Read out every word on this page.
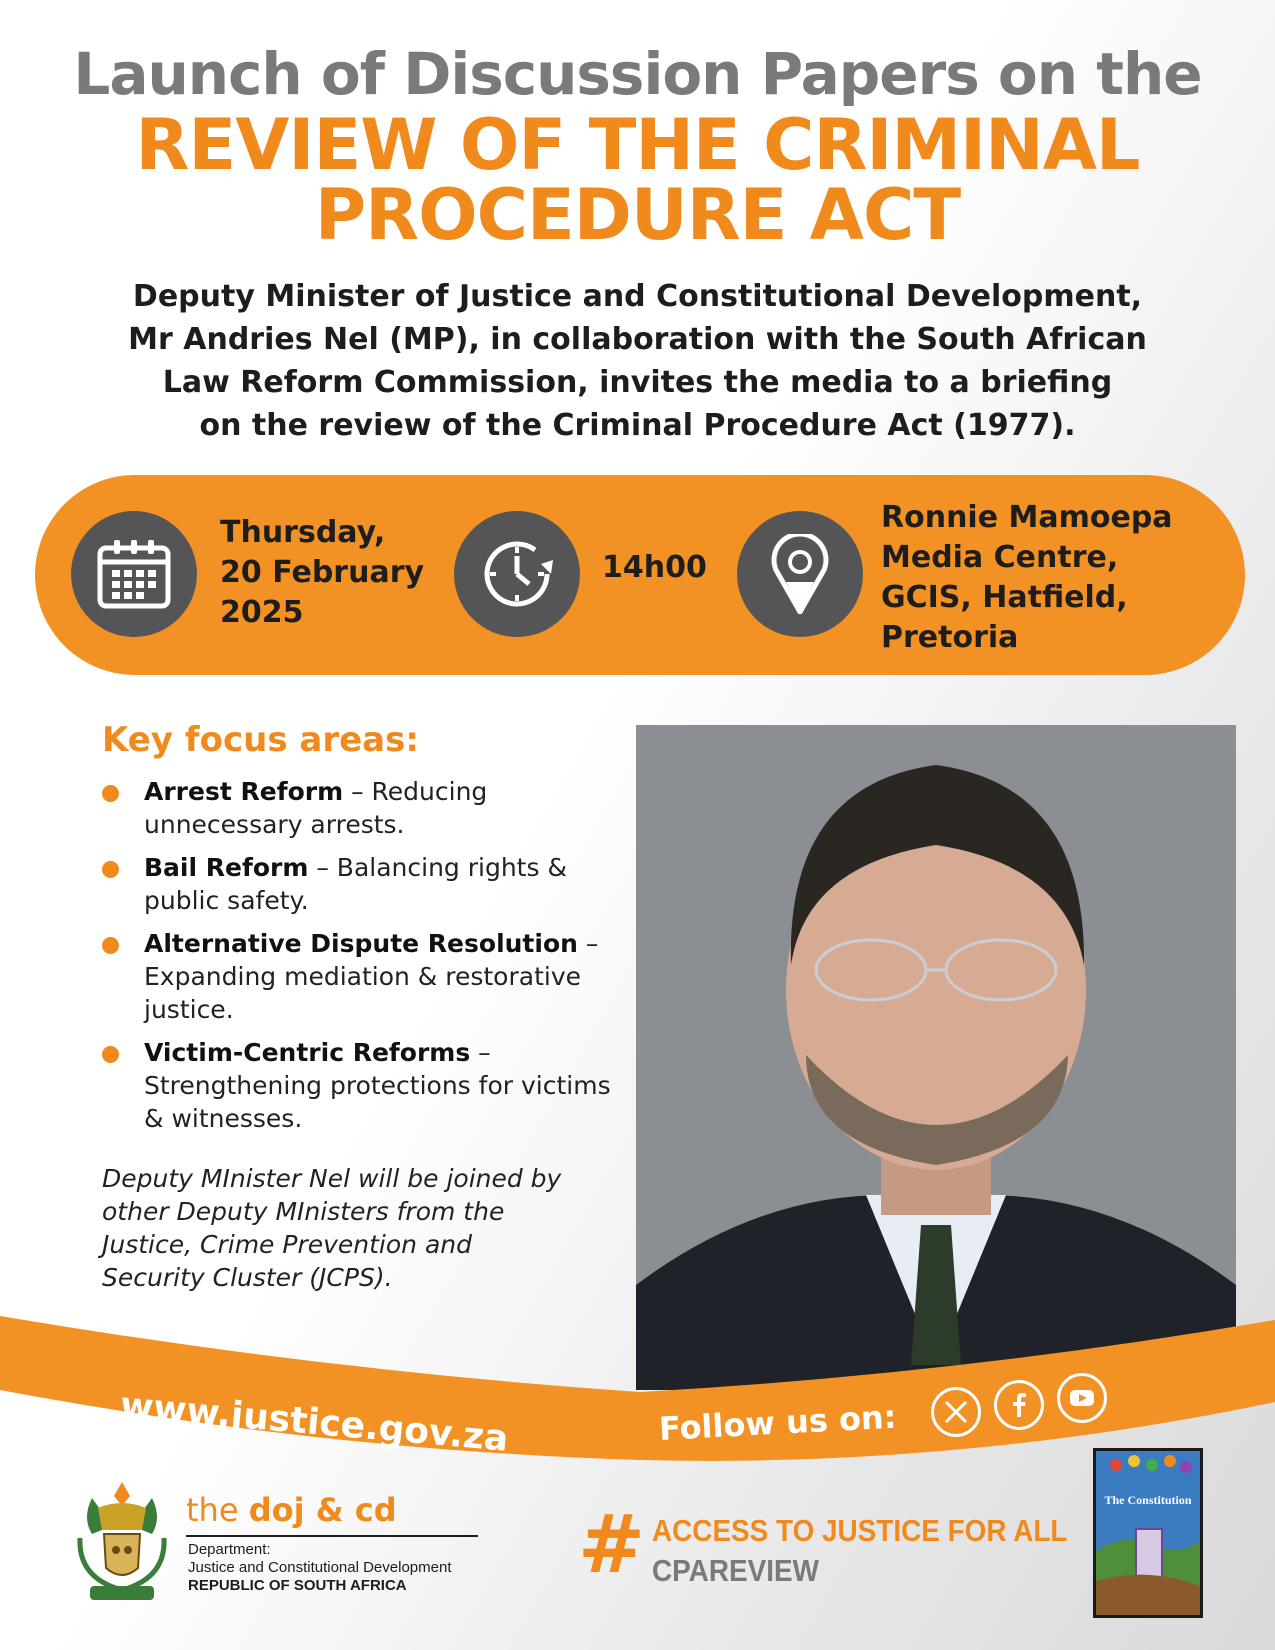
Launch of Discussion Papers on the
REVIEW OF THE CRIMINAL
PROCEDURE ACT
Deputy Minister of Justice and Constitutional Development,
Mr Andries Nel (MP), in collaboration with the South African
Law Reform Commission, invites the media to a briefing
on the review of the Criminal Procedure Act (1977).
Thursday,
20 February
2025
14h00
Ronnie Mamoepa
Media Centre,
GCIS, Hatfield,
Pretoria
Key focus areas:
Arrest Reform – Reducing unnecessary arrests.
Bail Reform – Balancing rights & public safety.
Alternative Dispute Resolution – Expanding mediation & restorative justice.
Victim-Centric Reforms – Strengthening protections for victims & witnesses.
Deputy MInister Nel will be joined by other Deputy MInisters from the Justice, Crime Prevention and Security Cluster (JCPS).
www.justice.gov.za	Follow us on:
the doj & cd
Department:
Justice and Constitutional Development
REPUBLIC OF SOUTH AFRICA	# ACCESS TO JUSTICE FOR ALL
CPAREVIEW
The Constitution
